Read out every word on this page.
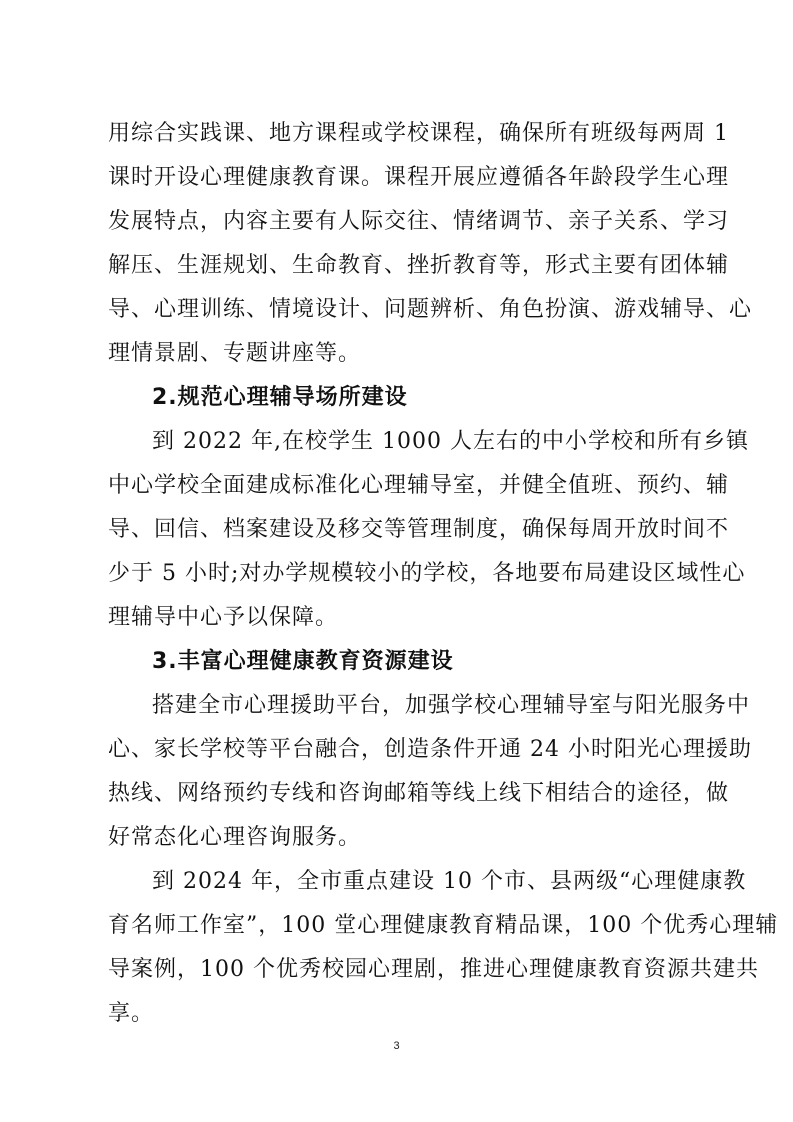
用综合实践课、地方课程或学校课程，确保所有班级每两周 1
课时开设心理健康教育课。课程开展应遵循各年龄段学生心理
发展特点，内容主要有人际交往、情绪调节、亲子关系、学习
解压、生涯规划、生命教育、挫折教育等，形式主要有团体辅
导、心理训练、情境设计、问题辨析、角色扮演、游戏辅导、心
理情景剧、专题讲座等。
2.规范心理辅导场所建设
到 2022 年,在校学生 1000 人左右的中小学校和所有乡镇
中心学校全面建成标准化心理辅导室，并健全值班、预约、辅
导、回信、档案建设及移交等管理制度，确保每周开放时间不
少于 5 小时;对办学规模较小的学校，各地要布局建设区域性心
理辅导中心予以保障。
3.丰富心理健康教育资源建设
搭建全市心理援助平台，加强学校心理辅导室与阳光服务中
心、家长学校等平台融合，创造条件开通 24 小时阳光心理援助
热线、网络预约专线和咨询邮箱等线上线下相结合的途径，做
好常态化心理咨询服务。
到 2024 年，全市重点建设 10 个市、县两级“心理健康教
育名师工作室”，100 堂心理健康教育精品课，100 个优秀心理辅
导案例，100 个优秀校园心理剧，推进心理健康教育资源共建共
享。
3
